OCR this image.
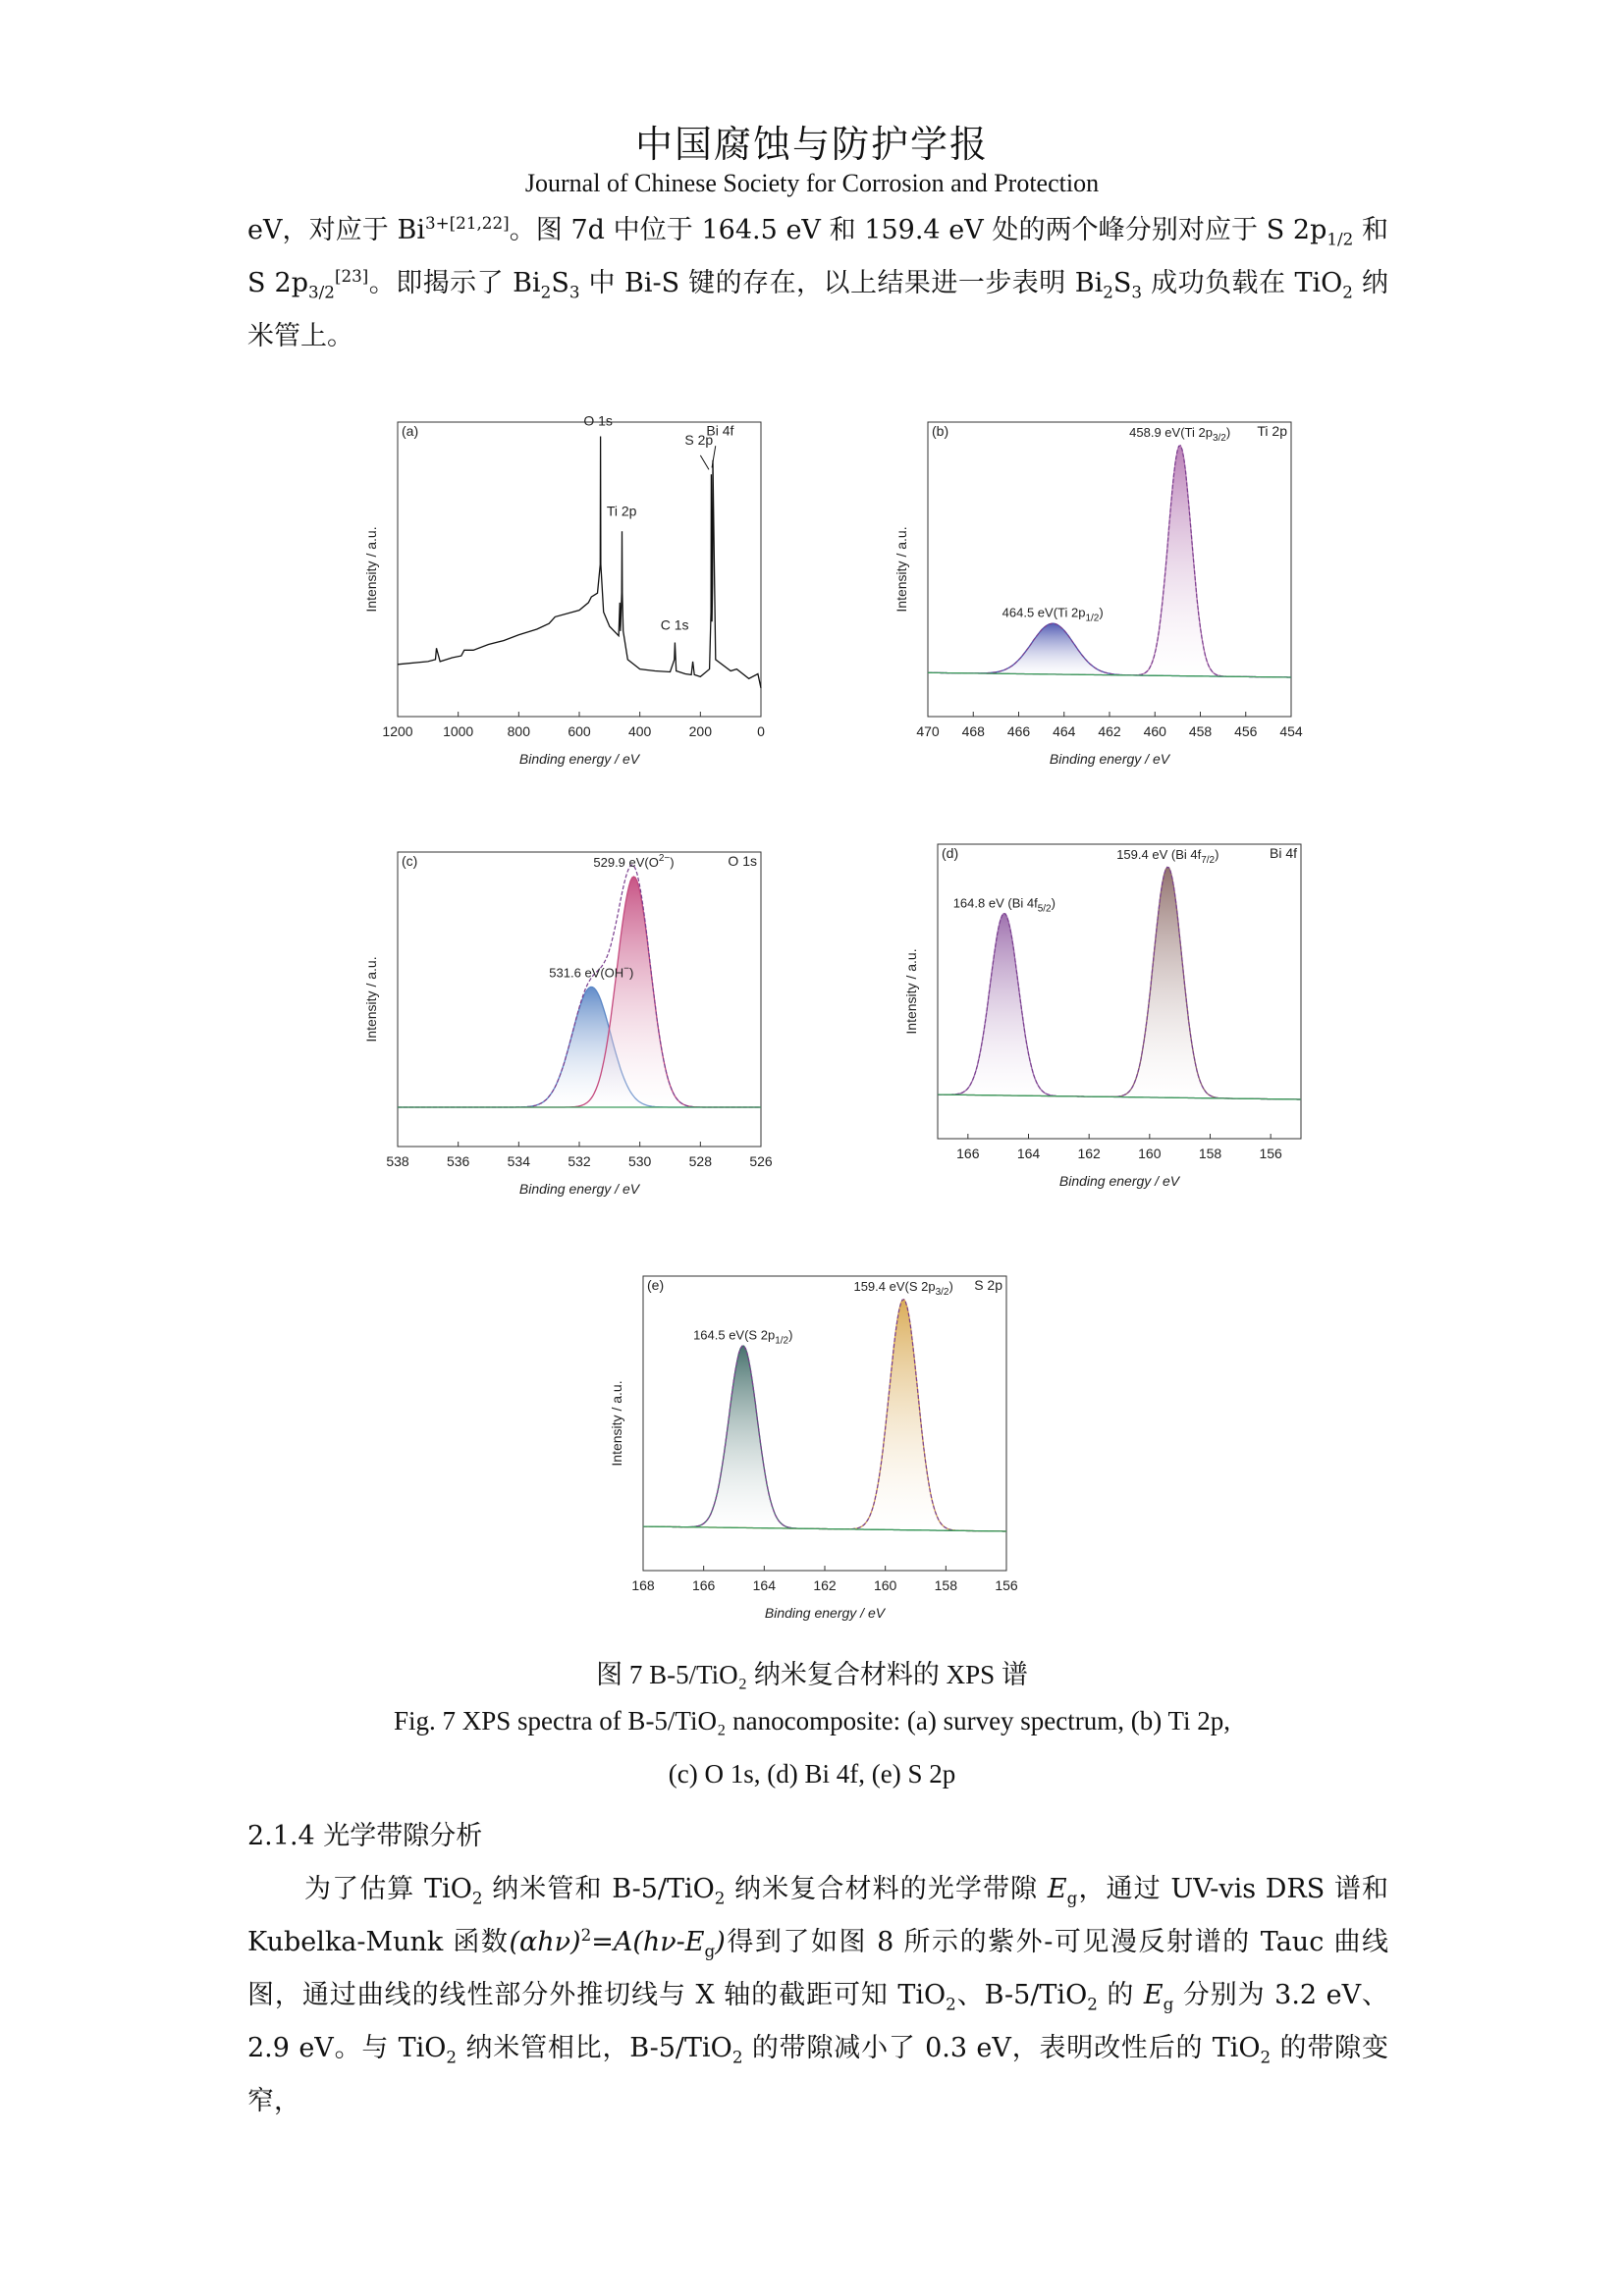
中国腐蚀与防护学报
Journal of Chinese Society for Corrosion and Protection

eV，对应于 $Bi^{3+[21,22]}$。图 7d 中位于 164.5 eV 和 159.4 eV 处的两个峰分别对应于 S $2p_{1/2}$ 和 S $2p_{3/2}[23]$。即揭示了 $Bi_2S_3$ 中 Bi-S 键的存在，以上结果进一步表明 $Bi_2S_3$ 成功负载在 TiO$_2$ 纳米管上。

1200 1000 800	600	400	200	0
Binding energy / eV
Intensity / a.u.
(a)
O 1s
Ti 2p
S 2p
Bi 4f
C 1s
470 468 466 464 462 460 458 456 454
Binding energy / eV
Intensity / a.u.
(b)	Ti 2p
464.5 eV(Ti $2p_{1/2}$)
458.9 eV(Ti $2p_{3/2}$)
538	536	534	532	530	528	526
Binding energy / eV
Intensity / a.u.
(c)	O 1s
531.6 eV(OH−)
529.9 $eV(O^{2-})$
166	164	162	160	158	156
Binding energy / eV
Intensity / a.u.
(d)	Bi 4f
164.8 eV (Bi $4f_{5/2}$)
159.4 eV (Bi $4f_{7/2}$)
168	166	164	162	160	158	156
Binding energy / eV
Intensity / a.u.
(e)	S 2p
164.5 eV(S $2p_{1/2}$)
159.4 eV(S $2p_{3/2}$)
图 7 B-5/TiO₂ 纳米复合材料的 XPS 谱
Fig. 7 XPS spectra of B-5/TiO₂ nanocomposite: (a) survey spectrum, (b) Ti 2p,
(c) O 1s, (d) Bi 4f, (e) S 2p
2.1.4 光学带隙分析

为了估算 TiO$_2$ 纳米管和 B-5/TiO$_2$ 纳米复合材料的光学带隙 $E_g$，通过 UV-vis DRS 谱和 Kubelka-Munk 函数$(\alpha h\nu)^2=A(h\nu-E_g)$得到了如图 8 所示的紫外-可见漫反射谱的 Tauc 曲线图，通过曲线的线性部分外推切线与 X 轴的截距可知 TiO$_2$、B-5/TiO$_2$ 的 $E_g$ 分别为 3.2 eV、2.9 eV。与 TiO$_2$ 纳米管相比，B-5/TiO$_2$ 的带隙减小了 0.3 eV，表明改性后的 TiO$_2$ 的带隙变窄，
